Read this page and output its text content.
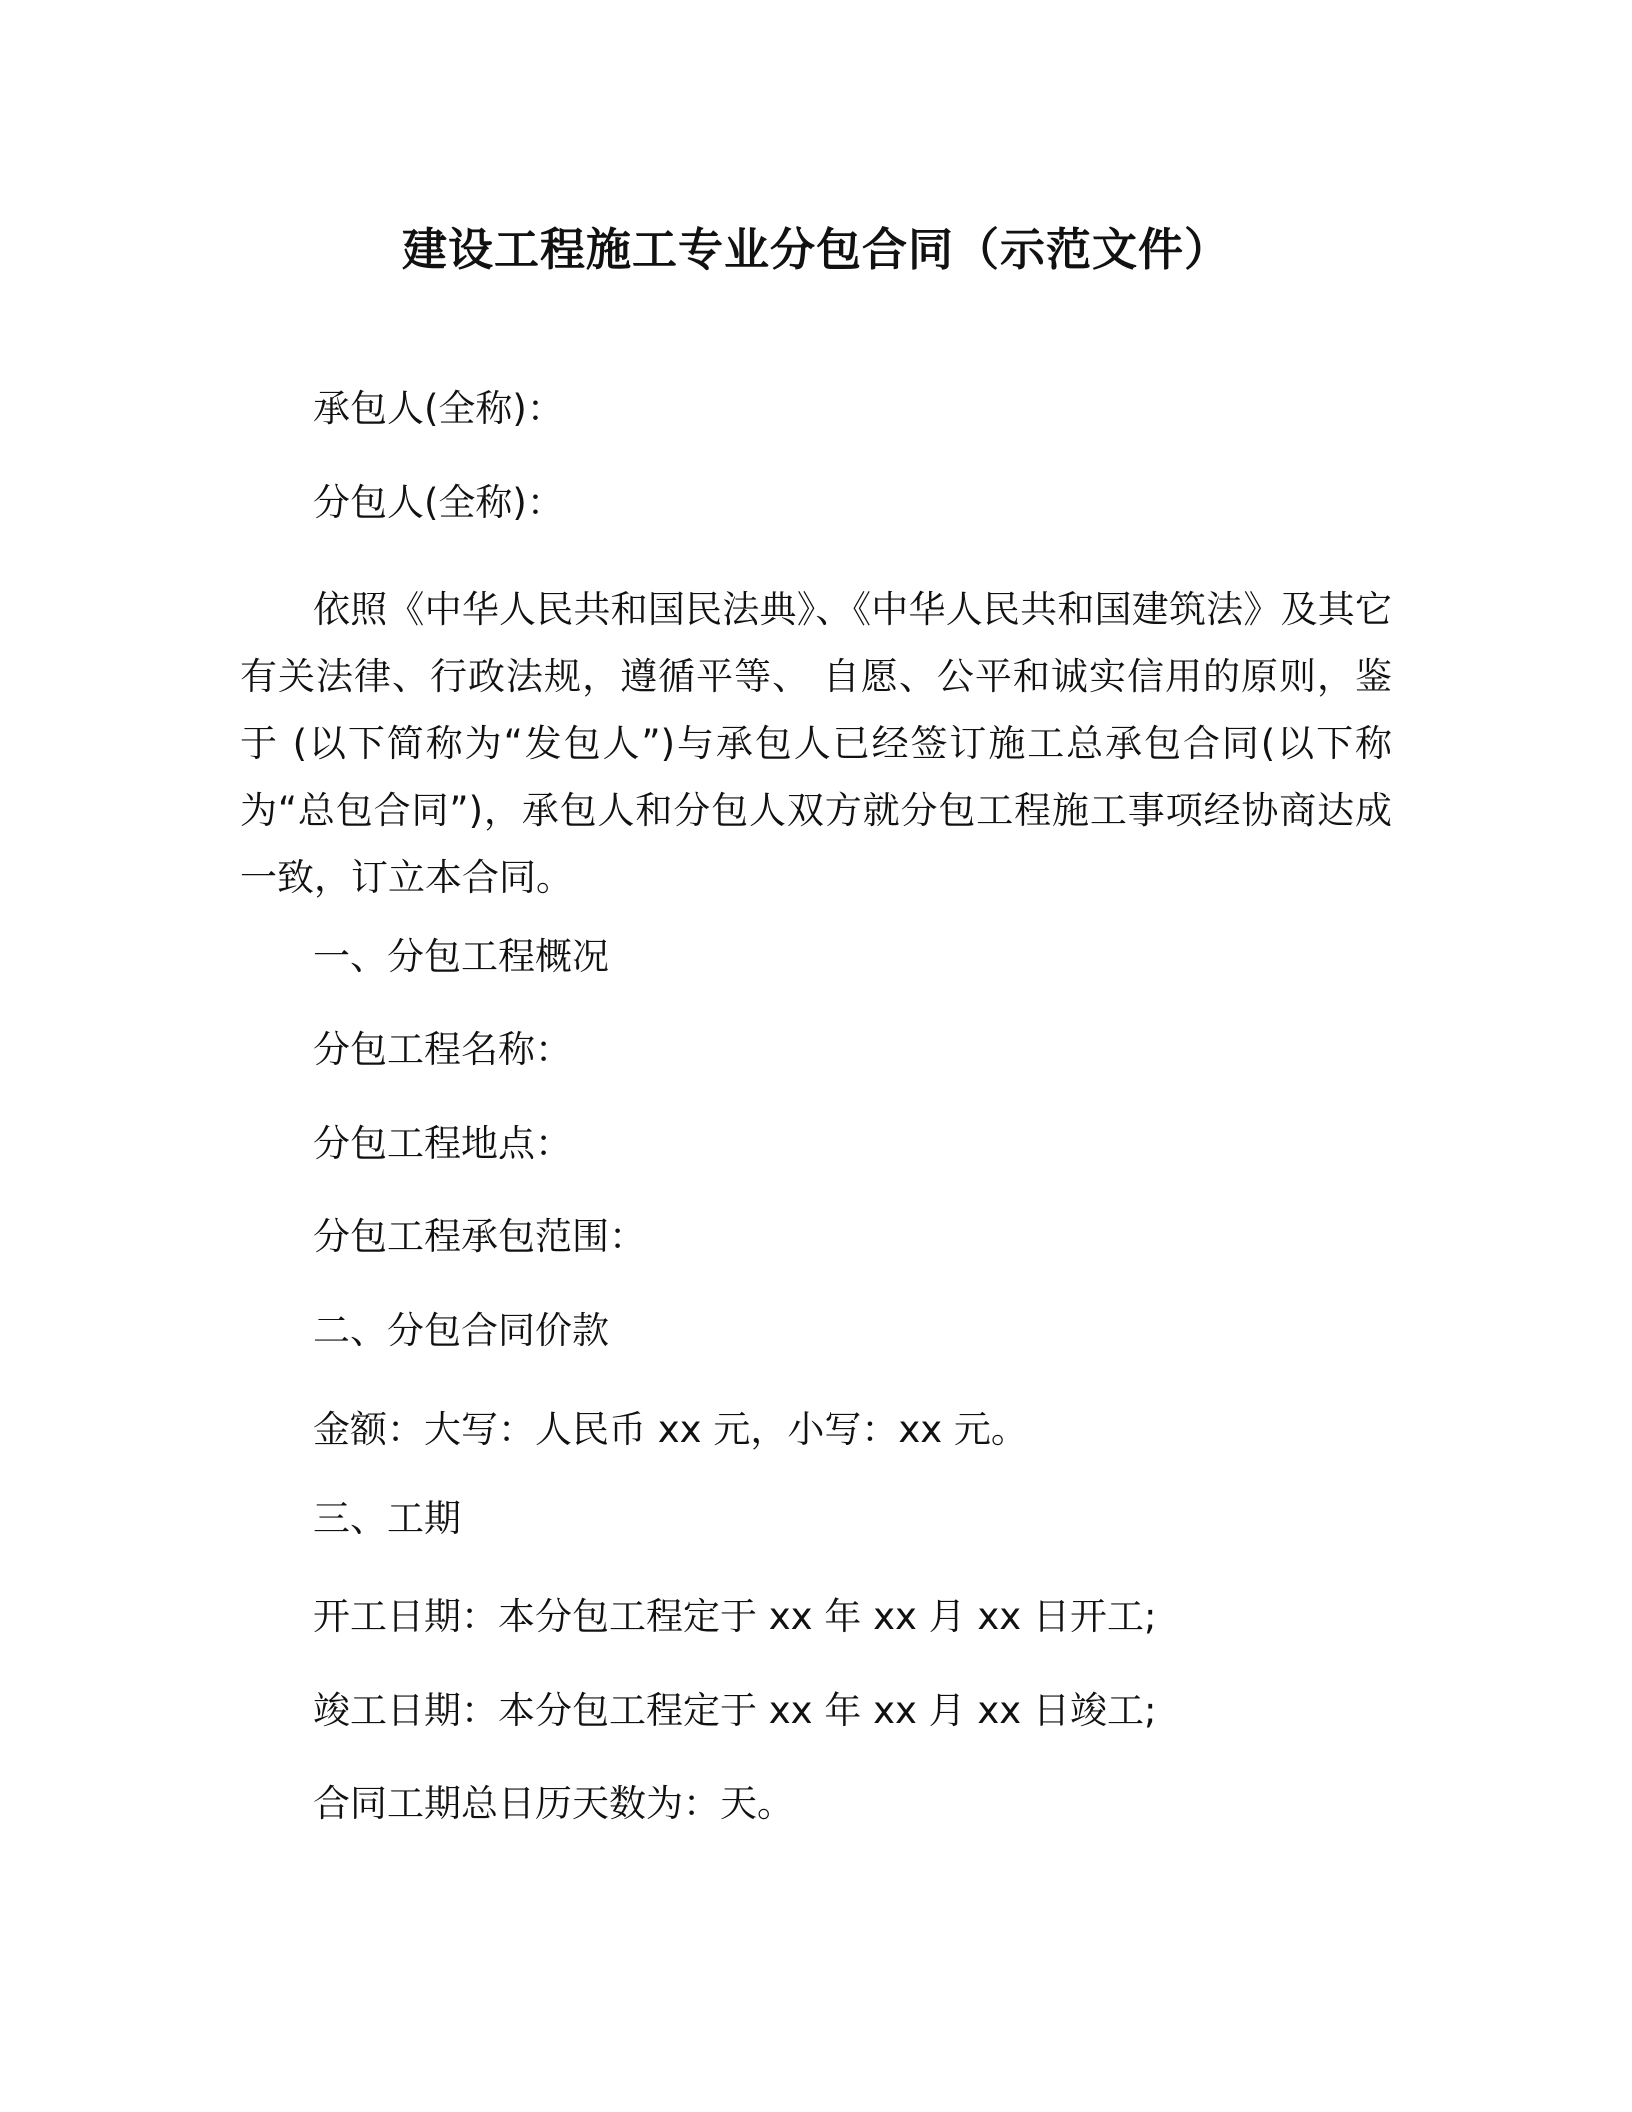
建设工程施工专业分包合同（示范文件）

承包人(全称)：

分包人(全称)：

依照《中华人民共和国民法典》、《中华人民共和国建筑法》及其它有关法律、行政法规，遵循平等、 自愿、公平和诚实信用的原则，鉴于 (以下简称为“发包人”)与承包人已经签订施工总承包合同(以下称为“总包合同”)，承包人和分包人双方就分包工程施工事项经协商达成一致，订立本合同。

一、分包工程概况

分包工程名称：

分包工程地点：

分包工程承包范围：

二、分包合同价款

金额：大写：人民币 xx 元，小写：xx 元。

三、工期

开工日期：本分包工程定于 xx 年 xx 月 xx 日开工;

竣工日期：本分包工程定于 xx 年 xx 月 xx 日竣工;

合同工期总日历天数为：天。
